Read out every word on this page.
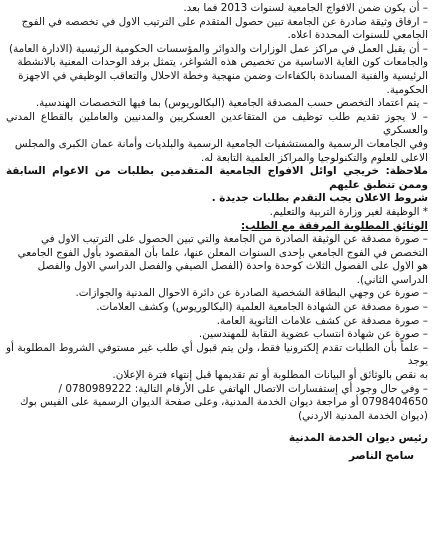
– أن يكون ضمن الافواج الجامعية لسنوات 2013 فما بعد.

– ارفاق وثيقة صادرة عن الجامعة تبين حصول المتقدم على الترتيب الاول في تخصصه في الفوج

الجامعي للسنوات المحددة اعلاه.

– أن يقبل العمل في مراكز عمل الوزارات والدوائر والمؤسسات الحكومية الرئيسية (الادارة العامة)

والجامعات كون الغاية الاساسية من تخصيص هذه الشواغر، يتمثل برفد الوحدات المعنية بالانشطة

الرئيسية والفنية المساندة بالكفاءات وضمن منهجية وخطة الاحلال والتعاقب الوظيفي في الاجهزة

الحكومية.

– يتم اعتماد التخصص حسب المصدقة الجامعية (البكالوريوس) بما فيها التخصصات الهندسية.

– لا يجوز تقديم طلب توظيف من المتقاعدين العسكريين والمدنيين والعاملين بالقطاع المدني والعسكري

وفي الجامعات الرسمية والمستشفيات الجامعية الرسمية والبلديات وأمانة عمان الكبرى والمجلس

الاعلى للعلوم والتكنولوجيا والمراكز العلمية التابعة له.

ملاحظة: خريجي اوائل الافواج الجامعية المتقدمين بطلبات من الاعوام السابقة وممن تنطبق عليهم

شروط الاعلان يجب التقدم بطلبات جديدة .

* الوظيفة لغير وزارة التربية والتعليم.

الوثائق المطلوبة المرفقة مع الطلب:

– صورة مصدقة عن الوثيقة الصادرة من الجامعة والتي تبين الحصول على الترتيب الاول في

التخصص في الفوج الجامعي بإحدى السنوات المعلن عنها، علما بأن المقصود بأول الفوج الجامعي

هو الاول على الفصول الثلاث كوحدة واحدة (الفصل الصيفي والفصل الدراسي الاول والفصل

الدراسي الثاني).

– صورة عن وجهي البطاقة الشخصية الصادرة عن دائرة الاحوال المدنية والجوازات.

– صورة مصدقة عن الشهادة الجامعية العلمية (البكالوريوس) وكشف العلامات.

– صورة مصدقة عن كشف علامات الثانوية العامة.

– صورة عن شهادة انتساب عضوية النقابة للمهندسين.

– علماً بأن الطلبات تقدم إلكترونيا فقط، ولن يتم قبول أي طلب غير مستوفي الشروط المطلوبة أو يوجد

به نقص بالوثائق أو البيانات المطلوبة أو تم تقديمها قبل إنتهاء فترة الإعلان.

– وفي حال وجود أي إستفسارات الاتصال الهاتفي على الأرقام التالية: 0780989222 /

0798404650 أو مراجعة ديوان الخدمة المدنية، وعلى صفحة الديوان الرسمية على الفيس بوك

(ديوان الخدمة المدنية الاردني)

رئيس ديوان الخدمة المدنية
سامح الناصر
